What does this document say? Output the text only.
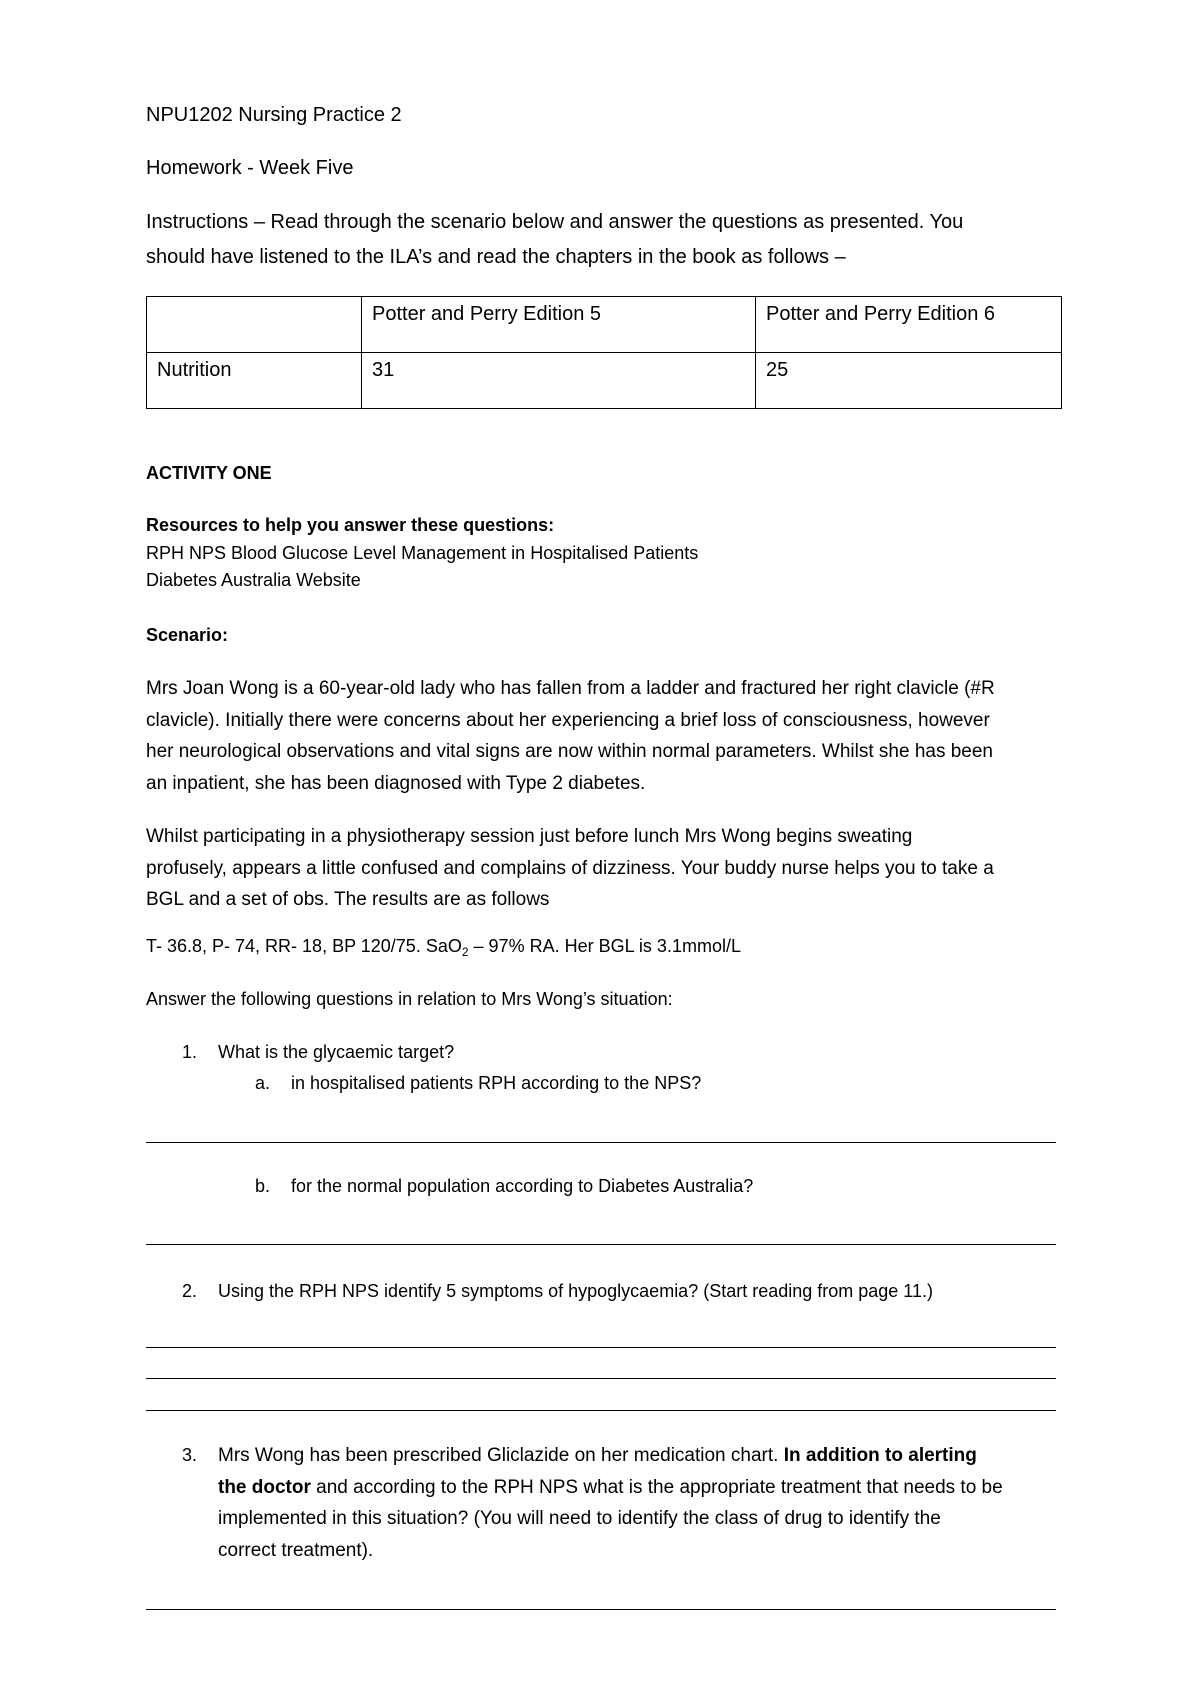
NPU1202 Nursing Practice 2
Homework - Week Five
Instructions – Read through the scenario below and answer the questions as presented. You
should have listened to the ILA’s and read the chapters in the book as follows –
	Potter and Perry Edition 5	Potter and Perry Edition 6
Nutrition	31	25
ACTIVITY ONE
Resources to help you answer these questions:
RPH NPS Blood Glucose Level Management in Hospitalised Patients
Diabetes Australia Website
Scenario:
Mrs Joan Wong is a 60-year-old lady who has fallen from a ladder and fractured her right clavicle (#R
clavicle). Initially there were concerns about her experiencing a brief loss of consciousness, however
her neurological observations and vital signs are now within normal parameters. Whilst she has been
an inpatient, she has been diagnosed with Type 2 diabetes.
Whilst participating in a physiotherapy session just before lunch Mrs Wong begins sweating
profusely, appears a little confused and complains of dizziness. Your buddy nurse helps you to take a
BGL and a set of obs. The results are as follows
T- 36.8, P- 74, RR- 18, BP 120/75. SaO$_2$ – 97% RA. Her BGL is 3.1mmol/L
Answer the following questions in relation to Mrs Wong’s situation:
1. What is the glycaemic target?
a. in hospitalised patients RPH according to the NPS?
b. for the normal population according to Diabetes Australia?
2. Using the RPH NPS identify 5 symptoms of hypoglycaemia? (Start reading from page 11.)
3. Mrs Wong has been prescribed Gliclazide on her medication chart. In addition to alerting
the doctor and according to the RPH NPS what is the appropriate treatment that needs to be
implemented in this situation? (You will need to identify the class of drug to identify the
correct treatment).
